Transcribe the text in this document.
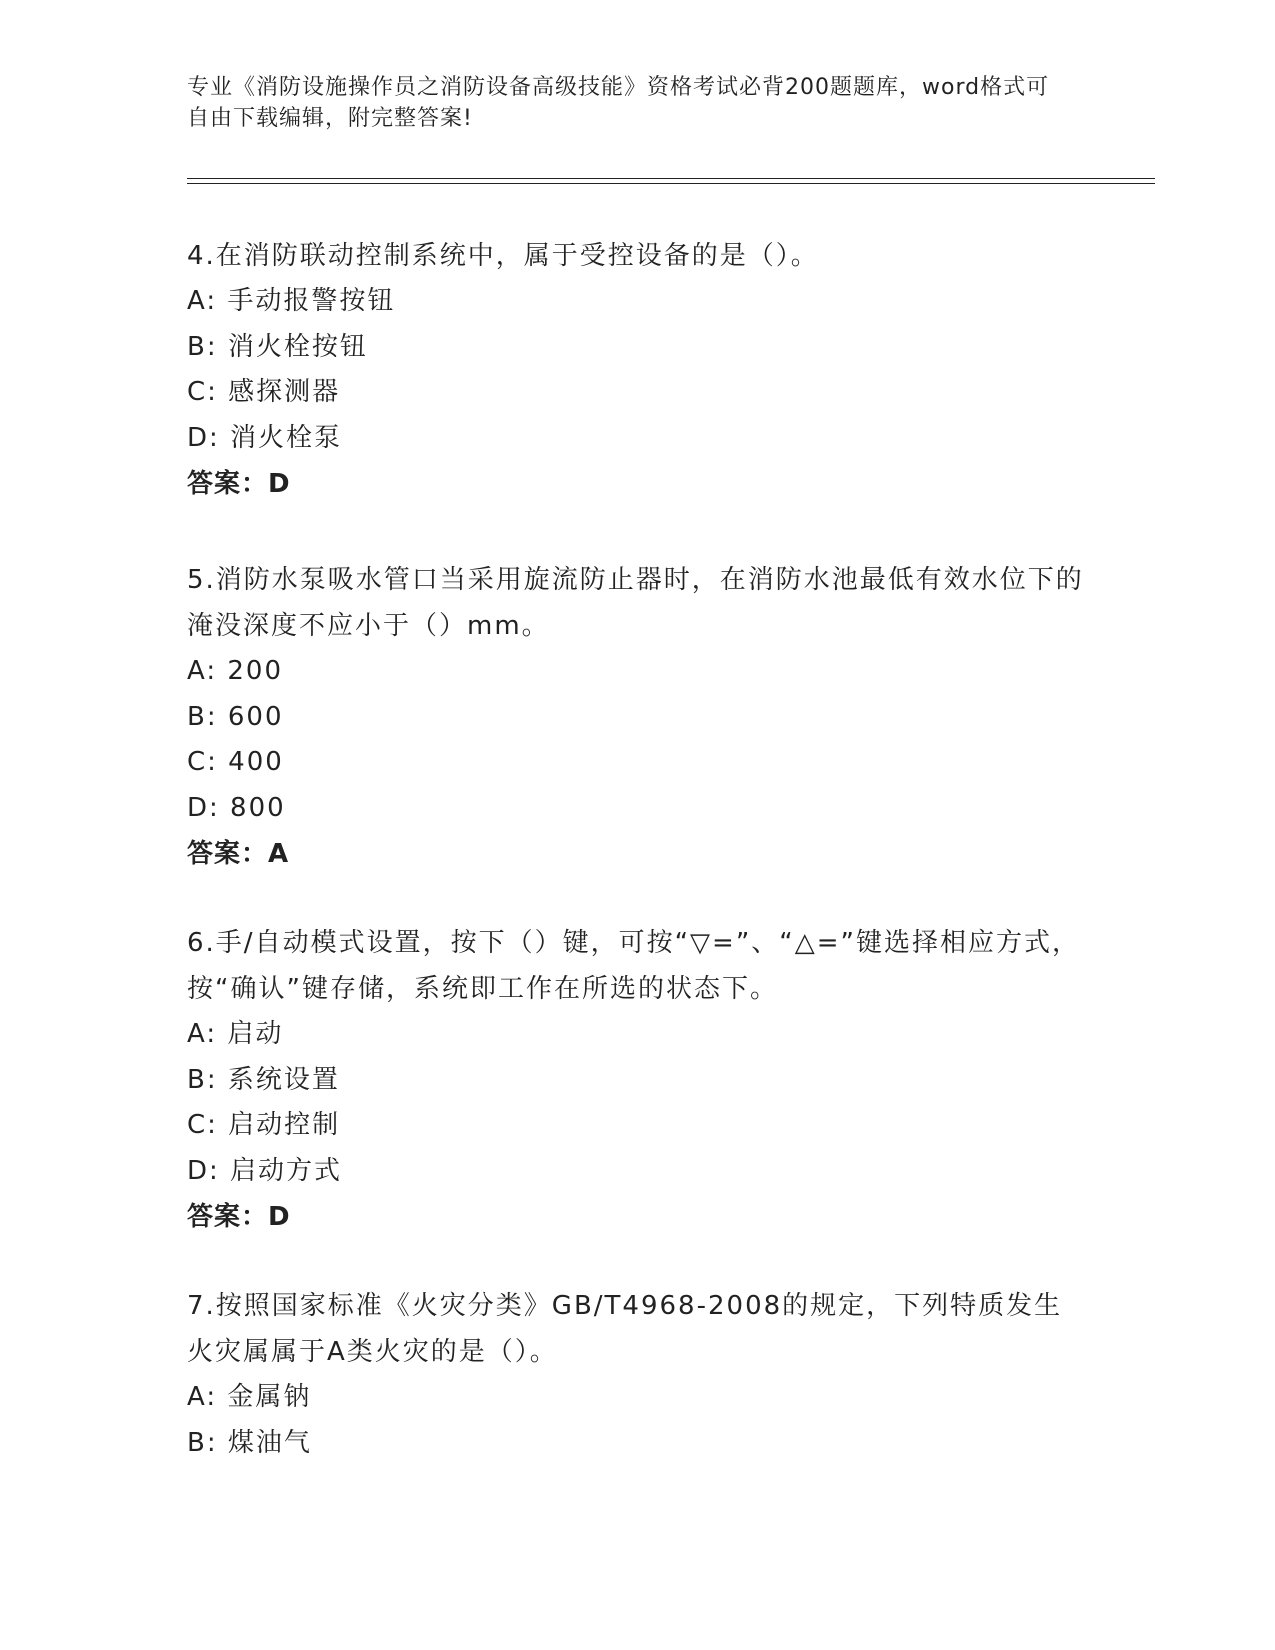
专业《消防设施操作员之消防设备高级技能》资格考试必背200题题库，word格式可自由下载编辑，附完整答案!

4.在消防联动控制系统中，属于受控设备的是（）。

A: 手动报警按钮

B: 消火栓按钮

C: 感探测器

D: 消火栓泵

答案：D

5.消防水泵吸水管口当采用旋流防止器时，在消防水池最低有效水位下的淹没深度不应小于（）mm。

A: 200

B: 600

C: 400

D: 800

答案：A

6.手/自动模式设置，按下（）键，可按“▽=”、“△=”键选择相应方式，按“确认”键存储，系统即工作在所选的状态下。

A: 启动

B: 系统设置

C: 启动控制

D: 启动方式

答案：D

7.按照国家标准《火灾分类》GB/T4968-2008的规定，下列特质发生火灾属属于A类火灾的是（）。

A: 金属钠

B: 煤油气
